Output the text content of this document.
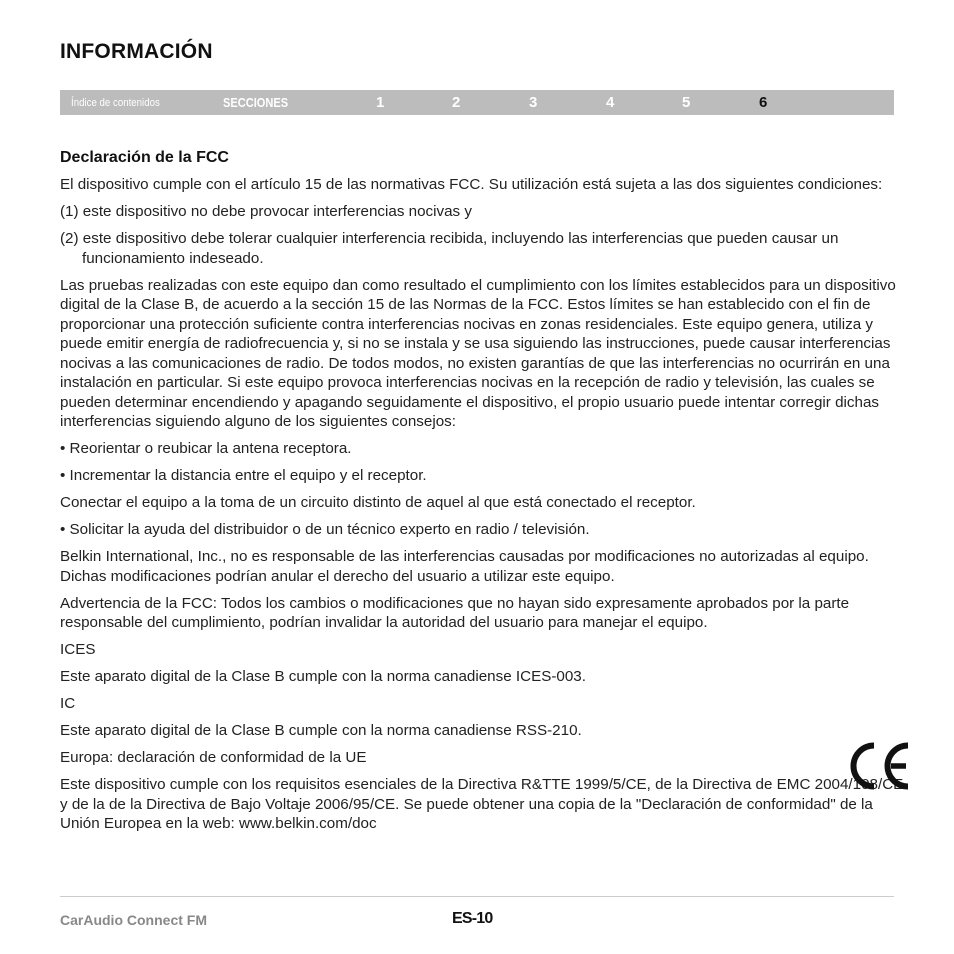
INFORMACIÓN
Índice de contenidos	SECCIONES	1	2	3	4	5	6
Declaración de la FCC

El dispositivo cumple con el artículo 15 de las normativas FCC. Su utilización está sujeta a las dos siguientes condiciones:

(1) este dispositivo no debe provocar interferencias nocivas y

(2) este dispositivo debe tolerar cualquier interferencia recibida, incluyendo las interferencias que pueden causar un funcionamiento indeseado.

Las pruebas realizadas con este equipo dan como resultado el cumplimiento con los límites establecidos para un dispositivo digital de la Clase B, de acuerdo a la sección 15 de las Normas de la FCC. Estos límites se han establecido con el fin de proporcionar una protección suficiente contra interferencias nocivas en zonas residenciales. Este equipo genera, utiliza y puede emitir energía de radiofrecuencia y, si no se instala y se usa siguiendo las instrucciones, puede causar interferencias nocivas a las comunicaciones de radio. De todos modos, no existen garantías de que las interferencias no ocurrirán en una instalación en particular. Si este equipo provoca interferencias nocivas en la recepción de radio y televisión, las cuales se pueden determinar encendiendo y apagando seguidamente el dispositivo, el propio usuario puede intentar corregir dichas interferencias siguiendo alguno de los siguientes consejos:

• Reorientar o reubicar la antena receptora.

• Incrementar la distancia entre el equipo y el receptor.

Conectar el equipo a la toma de un circuito distinto de aquel al que está conectado el receptor.

• Solicitar la ayuda del distribuidor o de un técnico experto en radio / televisión.

Belkin International, Inc., no es responsable de las interferencias causadas por modificaciones no autorizadas al equipo. Dichas modificaciones podrían anular el derecho del usuario a utilizar este equipo.

Advertencia de la FCC: Todos los cambios o modificaciones que no hayan sido expresamente aprobados por la parte responsable del cumplimiento, podrían invalidar la autoridad del usuario para manejar el equipo.

ICES

Este aparato digital de la Clase B cumple con la norma canadiense ICES-003.

IC

Este aparato digital de la Clase B cumple con la norma canadiense RSS-210.

Europa: declaración de conformidad de la UE

Este dispositivo cumple con los requisitos esenciales de la Directiva R&TTE 1999/5/CE, de la Directiva de EMC 2004/108/CE y de la de la Directiva de Bajo Voltaje 2006/95/CE. Se puede obtener una copia de la "Declaración de conformidad" de la Unión Europea en la web: www.belkin.com/doc

CarAudio Connect FM	ES-10
